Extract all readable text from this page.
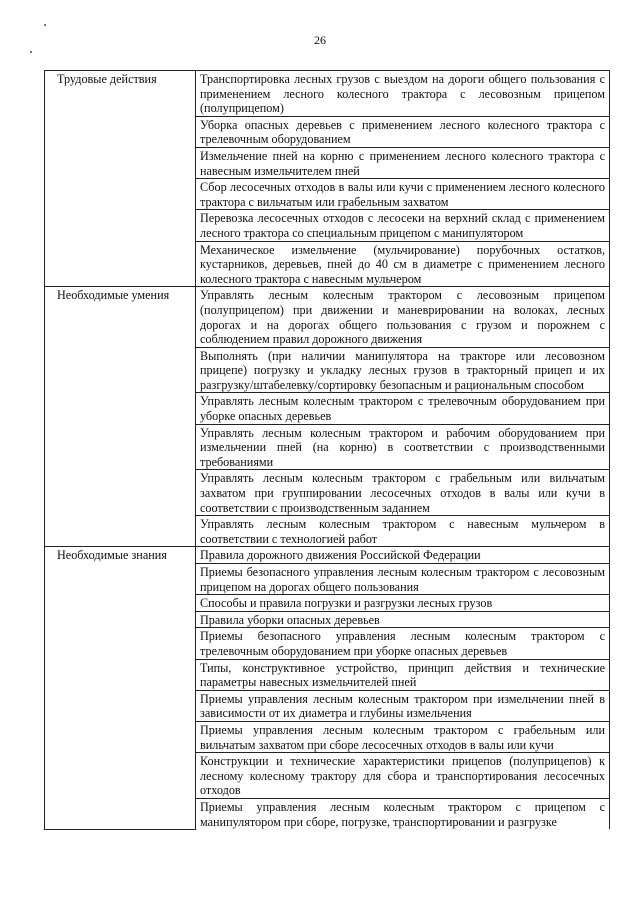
26
Трудовые действия	Транспортировка лесных грузов с выездом на дороги общего пользования с применением лесного колесного трактора с лесовозным прицепом (полуприцепом)
	Уборка опасных деревьев с применением лесного колесного трактора с трелевочным оборудованием
	Измельчение пней на корню с применением лесного колесного трактора с навесным измельчителем пней
	Сбор лесосечных отходов в валы или кучи с применением лесного колесного трактора с вильчатым или грабельным захватом
	Перевозка лесосечных отходов с лесосеки на верхний склад с применением лесного трактора со специальным прицепом с манипулятором
	Механическое измельчение (мульчирование) порубочных остатков, кустарников, деревьев, пней до 40 см в диаметре с применением лесного колесного трактора с навесным мульчером
Необходимые умения	Управлять лесным колесным трактором с лесовозным прицепом (полуприцепом) при движении и маневрировании на волоках, лесных дорогах и на дорогах общего пользования с грузом и порожнем с соблюдением правил дорожного движения
	Выполнять (при наличии манипулятора на тракторе или лесовозном прицепе) погрузку и укладку лесных грузов в тракторный прицеп и их разгрузку/штабелевку/сортировку безопасным и рациональным способом
	Управлять лесным колесным трактором с трелевочным оборудованием при уборке опасных деревьев
	Управлять лесным колесным трактором и рабочим оборудованием при измельчении пней (на корню) в соответствии с производственными требованиями
	Управлять лесным колесным трактором с грабельным или вильчатым захватом при группировании лесосечных отходов в валы или кучи в соответствии с производственным заданием
	Управлять лесным колесным трактором с навесным мульчером в соответствии с технологией работ
Необходимые знания	Правила дорожного движения Российской Федерации
	Приемы безопасного управления лесным колесным трактором с лесовозным прицепом на дорогах общего пользования
	Способы и правила погрузки и разгрузки лесных грузов
	Правила уборки опасных деревьев
	Приемы безопасного управления лесным колесным трактором с трелевочным оборудованием при уборке опасных деревьев
	Типы, конструктивное устройство, принцип действия и технические параметры навесных измельчителей пней
	Приемы управления лесным колесным трактором при измельчении пней в зависимости от их диаметра и глубины измельчения
	Приемы управления лесным колесным трактором с грабельным или вильчатым захватом при сборе лесосечных отходов в валы или кучи
	Конструкции и технические характеристики прицепов (полуприцепов) к лесному колесному трактору для сбора и транспортирования лесосечных отходов
	Приемы управления лесным колесным трактором с прицепом с манипулятором при сборе, погрузке, транспортировании и разгрузке
